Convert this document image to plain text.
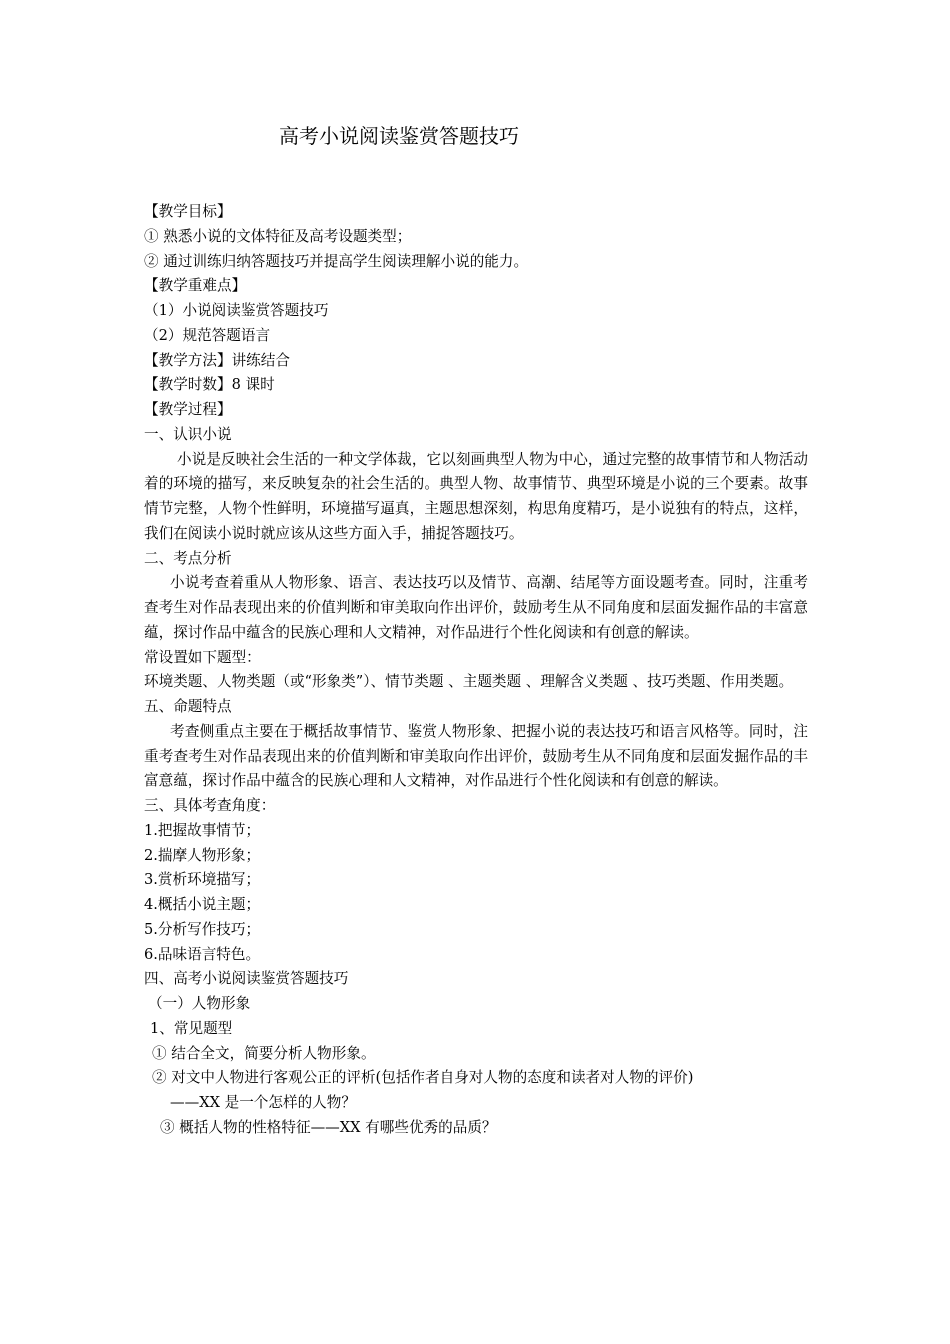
高考小说阅读鉴赏答题技巧
【教学目标】
① 熟悉小说的文体特征及高考设题类型；
② 通过训练归纳答题技巧并提高学生阅读理解小说的能力。
【教学重难点】
（1）小说阅读鉴赏答题技巧
（2）规范答题语言
【教学方法】讲练结合
【教学时数】8 课时
【教学过程】
一、认识小说
小说是反映社会生活的一种文学体裁，它以刻画典型人物为中心，通过完整的故事情节和人物活动着的环境的描写，来反映复杂的社会生活的。典型人物、故事情节、典型环境是小说的三个要素。故事情节完整，人物个性鲜明，环境描写逼真，主题思想深刻，构思角度精巧，是小说独有的特点，这样，我们在阅读小说时就应该从这些方面入手，捕捉答题技巧。
二、考点分析
小说考查着重从人物形象、语言、表达技巧以及情节、高潮、结尾等方面设题考查。同时，注重考查考生对作品表现出来的价值判断和审美取向作出评价，鼓励考生从不同角度和层面发掘作品的丰富意蕴，探讨作品中蕴含的民族心理和人文精神，对作品进行个性化阅读和有创意的解读。
常设置如下题型：
环境类题、人物类题（或“形象类”）、情节类题 、主题类题 、理解含义类题 、技巧类题、作用类题。
五、命题特点
考查侧重点主要在于概括故事情节、鉴赏人物形象、把握小说的表达技巧和语言风格等。同时，注重考查考生对作品表现出来的价值判断和审美取向作出评价，鼓励考生从不同角度和层面发掘作品的丰富意蕴，探讨作品中蕴含的民族心理和人文精神，对作品进行个性化阅读和有创意的解读。
三、具体考查角度：
1.把握故事情节；
2.揣摩人物形象；
3.赏析环境描写；
4.概括小说主题；
5.分析写作技巧；
6.品味语言特色。
四、高考小说阅读鉴赏答题技巧
（一）人物形象
1、常见题型
① 结合全文，简要分析人物形象。
② 对文中人物进行客观公正的评析(包括作者自身对人物的态度和读者对人物的评价)
——XX 是一个怎样的人物？
③ 概括人物的性格特征——XX 有哪些优秀的品质？
